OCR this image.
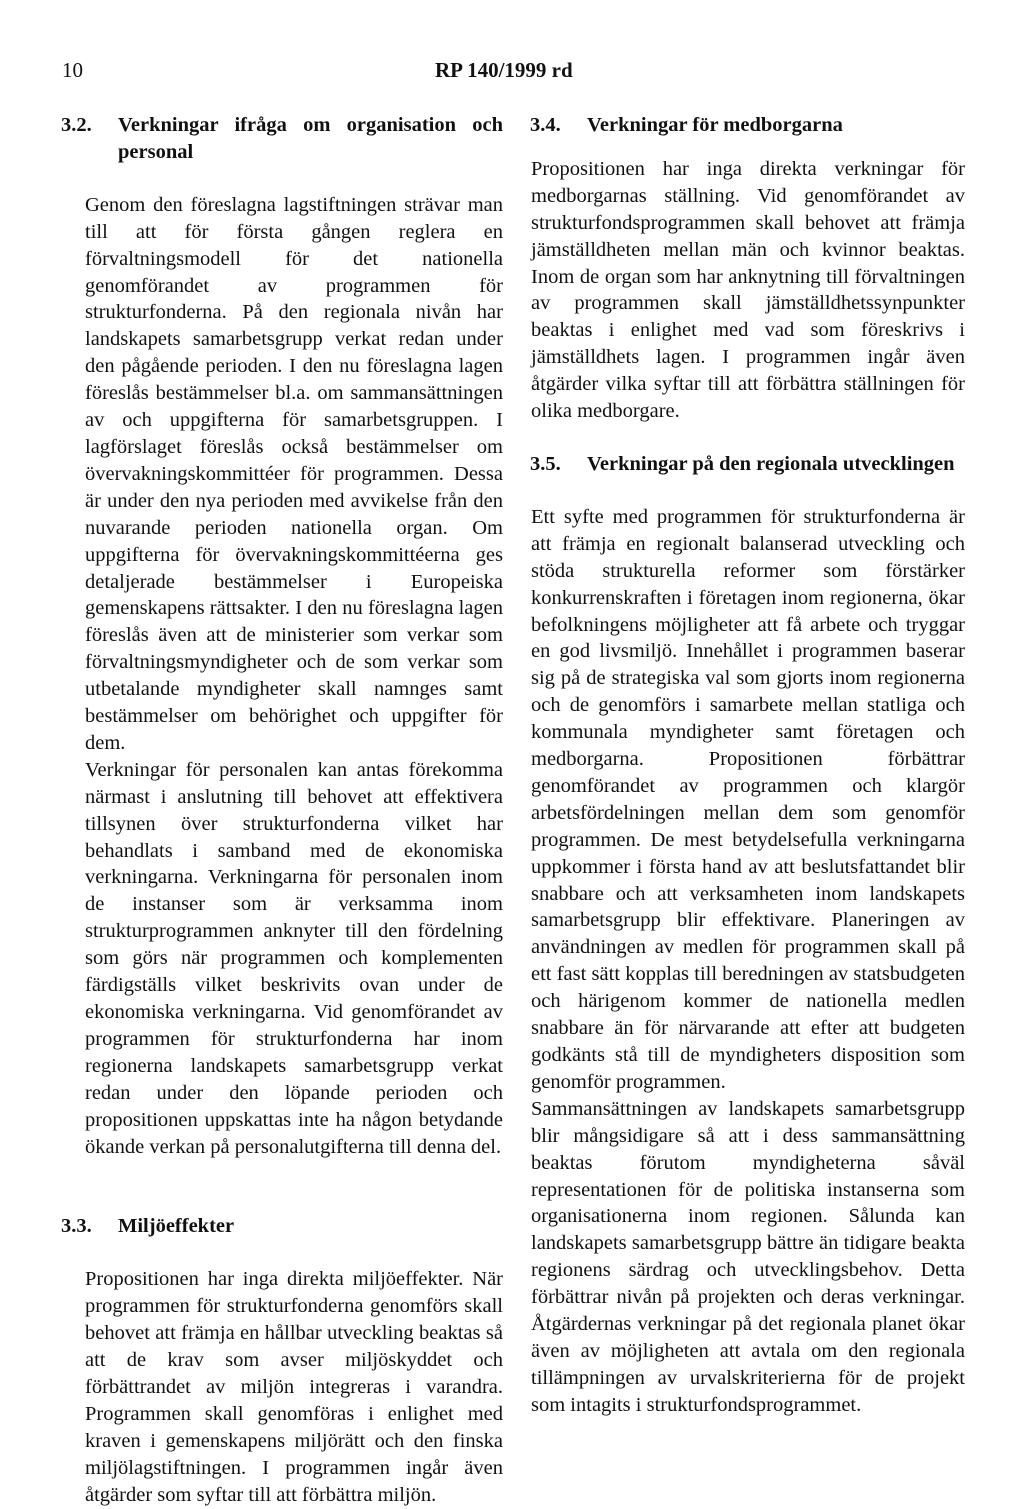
10	RP 140/1999 rd
3.2. Verkningar ifråga om organisation och personal

Genom den föreslagna lagstiftningen strävar man till att för första gången reglera en förvaltningsmodell för det nationella genomförandet av programmen för strukturfonderna. På den regionala nivån har landskapets samarbetsgrupp verkat redan under den pågående perioden. I den nu föreslagna lagen föreslås bestämmelser bl.a. om sammansättningen av och uppgifterna för samarbetsgruppen. I lagförslaget föreslås också bestämmelser om övervakningskommittéer för programmen. Dessa är under den nya perioden med avvikelse från den nuvarande perioden nationella organ. Om uppgifterna för övervakningskommittéerna ges detaljerade bestämmelser i Europeiska gemenskapens rättsakter. I den nu föreslagna lagen föreslås även att de ministerier som verkar som förvaltningsmyndigheter och de som verkar som utbetalande myndigheter skall namnges samt bestämmelser om behörighet och uppgifter för dem.

Verkningar för personalen kan antas förekomma närmast i anslutning till behovet att effektivera tillsynen över strukturfonderna vilket har behandlats i samband med de ekonomiska verkningarna. Verkningarna för personalen inom de instanser som är verksamma inom strukturprogrammen anknyter till den fördelning som görs när programmen och komplementen färdigställs vilket beskrivits ovan under de ekonomiska verkningarna. Vid genomförandet av programmen för strukturfonderna har inom regionerna landskapets samarbetsgrupp verkat redan under den löpande perioden och propositionen uppskattas inte ha någon betydande ökande verkan på personalutgifterna till denna del.

3.3. Miljöeffekter

Propositionen har inga direkta miljöeffekter. När programmen för strukturfonderna genomförs skall behovet att främja en hållbar utveckling beaktas så att de krav som avser miljöskyddet och förbättrandet av miljön integreras i varandra. Programmen skall genomföras i enlighet med kraven i gemenskapens miljörätt och den finska miljölagstiftningen. I programmen ingår även åtgärder som syftar till att förbättra miljön.

3.4. Verkningar för medborgarna

Propositionen har inga direkta verkningar för medborgarnas ställning. Vid genomförandet av strukturfondsprogrammen skall behovet att främja jämställdheten mellan män och kvinnor beaktas. Inom de organ som har anknytning till förvaltningen av programmen skall jämställdhetssynpunkter beaktas i enlighet med vad som föreskrivs i jämställdhets lagen. I programmen ingår även åtgärder vilka syftar till att förbättra ställningen för olika medborgare.

3.5. Verkningar på den regionala utvecklingen

Ett syfte med programmen för strukturfonderna är att främja en regionalt balanserad utveckling och stöda strukturella reformer som förstärker konkurrenskraften i företagen inom regionerna, ökar befolkningens möjligheter att få arbete och tryggar en god livsmiljö. Innehållet i programmen baserar sig på de strategiska val som gjorts inom regionerna och de genomförs i samarbete mellan statliga och kommunala myndigheter samt företagen och medborgarna. Propositionen förbättrar genomförandet av programmen och klargör arbetsfördelningen mellan dem som genomför programmen. De mest betydelsefulla verkningarna uppkommer i första hand av att beslutsfattandet blir snabbare och att verksamheten inom landskapets samarbetsgrupp blir effektivare. Planeringen av användningen av medlen för programmen skall på ett fast sätt kopplas till beredningen av statsbudgeten och härigenom kommer de nationella medlen snabbare än för närvarande att efter att budgeten godkänts stå till de myndigheters disposition som genomför programmen.

Sammansättningen av landskapets samarbetsgrupp blir mångsidigare så att i dess sammansättning beaktas förutom myndigheterna såväl representationen för de politiska instanserna som organisationerna inom regionen. Sålunda kan landskapets samarbetsgrupp bättre än tidigare beakta regionens särdrag och utvecklingsbehov. Detta förbättrar nivån på projekten och deras verkningar. Åtgärdernas verkningar på det regionala planet ökar även av möjligheten att avtala om den regionala tillämpningen av urvalskriterierna för de projekt som intagits i strukturfondsprogrammet.
